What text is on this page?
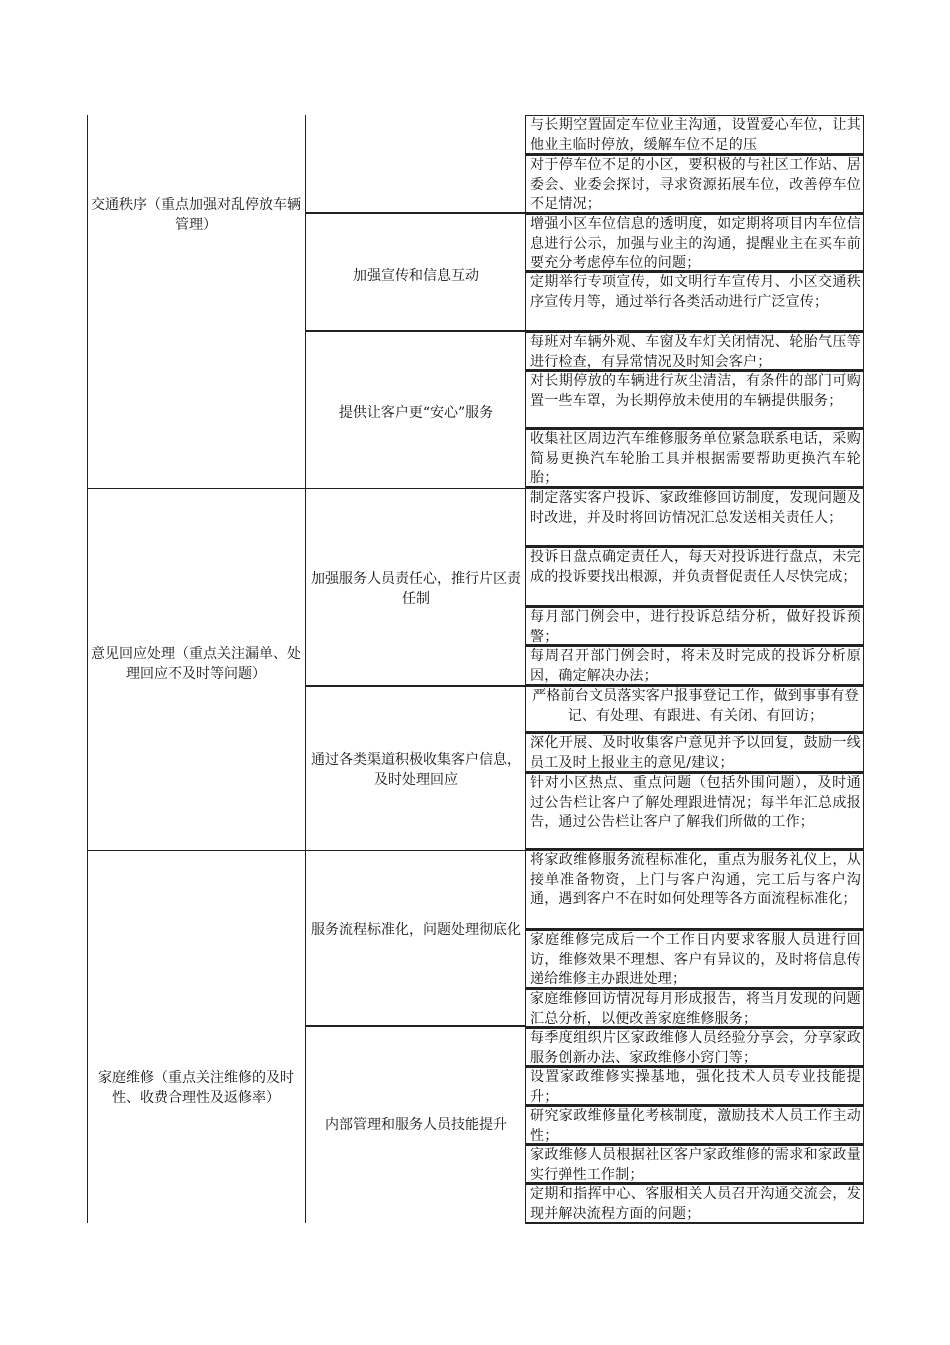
交通秩序（重点加强对乱停放车辆管理）
意见回应处理（重点关注漏单、处理回应不及时等问题）
家庭维修（重点关注维修的及时性、收费合理性及返修率）
加强宣传和信息互动
提供让客户更“安心”服务
加强服务人员责任心，推行片区责任制
通过各类渠道积极收集客户信息，及时处理回应
服务流程标准化，问题处理彻底化
内部管理和服务人员技能提升
与长期空置固定车位业主沟通，设置爱心车位，让其他业主临时停放，缓解车位不足的压
对于停车位不足的小区，要积极的与社区工作站、居委会、业委会探讨，寻求资源拓展车位，改善停车位不足情况；
增强小区车位信息的透明度，如定期将项目内车位信息进行公示，加强与业主的沟通，提醒业主在买车前要充分考虑停车位的问题；
定期举行专项宣传，如文明行车宣传月、小区交通秩序宣传月等，通过举行各类活动进行广泛宣传；
每班对车辆外观、车窗及车灯关闭情况、轮胎气压等进行检查，有异常情况及时知会客户；
对长期停放的车辆进行灰尘清洁，有条件的部门可购置一些车罩，为长期停放未使用的车辆提供服务；
收集社区周边汽车维修服务单位紧急联系电话，采购简易更换汽车轮胎工具并根据需要帮助更换汽车轮胎；
制定落实客户投诉、家政维修回访制度，发现问题及时改进，并及时将回访情况汇总发送相关责任人；
投诉日盘点确定责任人，每天对投诉进行盘点，未完成的投诉要找出根源，并负责督促责任人尽快完成；
每月部门例会中，进行投诉总结分析，做好投诉预警；
每周召开部门例会时，将未及时完成的投诉分析原因，确定解决办法；
严格前台文员落实客户报事登记工作，做到事事有登记、有处理、有跟进、有关闭、有回访；
深化开展、及时收集客户意见并予以回复，鼓励一线员工及时上报业主的意见/建议；
针对小区热点、重点问题（包括外围问题），及时通过公告栏让客户了解处理跟进情况；每半年汇总成报告，通过公告栏让客户了解我们所做的工作；
将家政维修服务流程标准化，重点为服务礼仪上，从接单准备物资，上门与客户沟通，完工后与客户沟通，遇到客户不在时如何处理等各方面流程标准化；
家庭维修完成后一个工作日内要求客服人员进行回访，维修效果不理想、客户有异议的，及时将信息传递给维修主办跟进处理；
家庭维修回访情况每月形成报告，将当月发现的问题汇总分析，以便改善家庭维修服务；
每季度组织片区家政维修人员经验分享会，分享家政服务创新办法、家政维修小窍门等；
设置家政维修实操基地，强化技术人员专业技能提升；
研究家政维修量化考核制度，激励技术人员工作主动性；
家政维修人员根据社区客户家政维修的需求和家政量实行弹性工作制；
定期和指挥中心、客服相关人员召开沟通交流会，发现并解决流程方面的问题；
